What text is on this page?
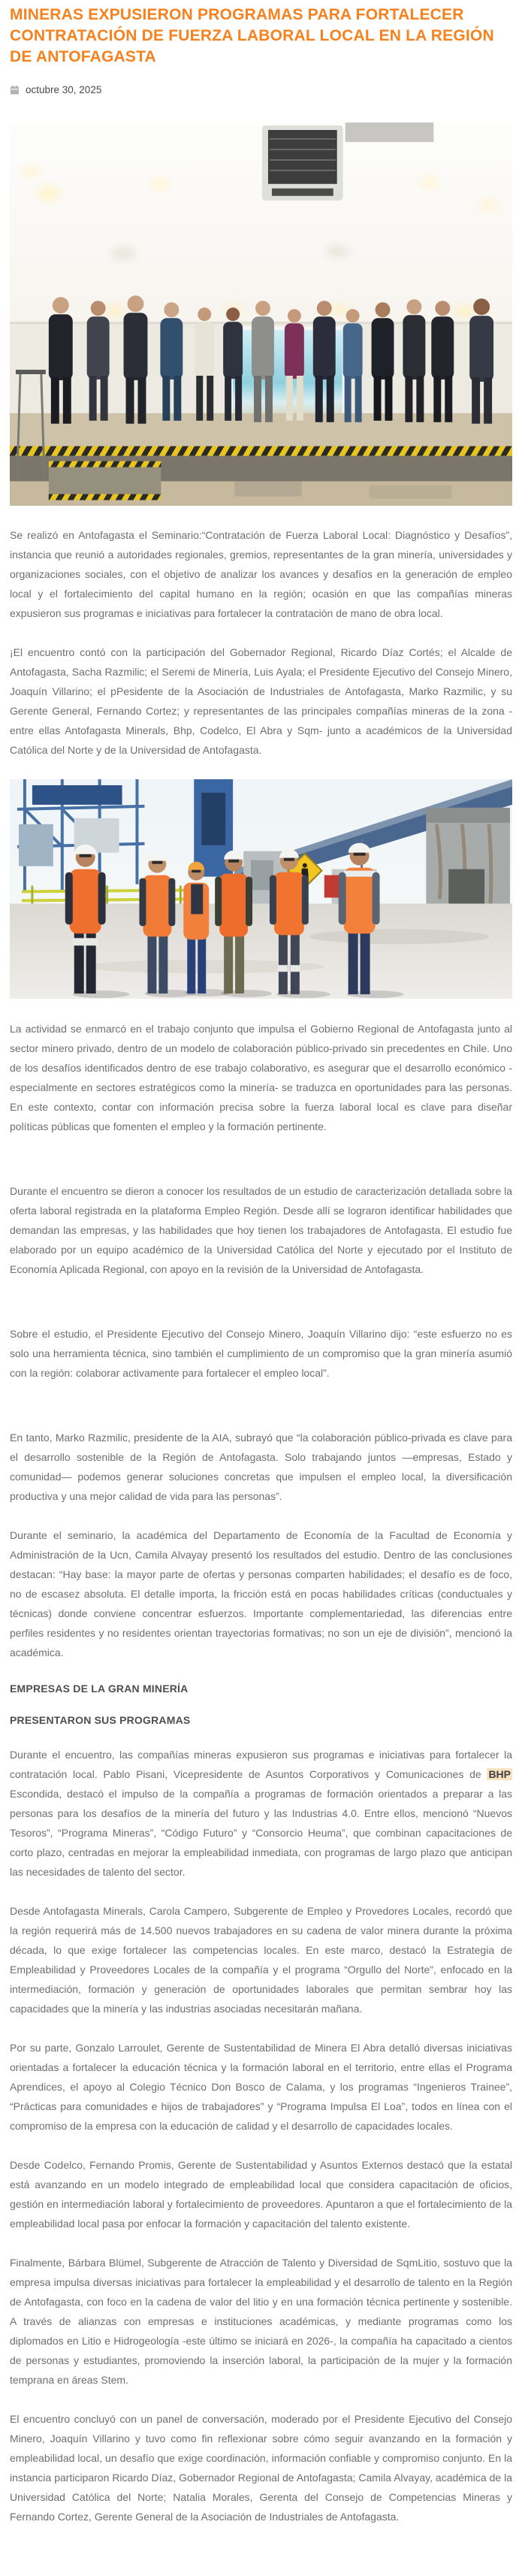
MINERAS EXPUSIERON PROGRAMAS PARA FORTALECER CONTRATACIÓN DE FUERZA LABORAL LOCAL EN LA REGIÓN DE ANTOFAGASTA
octubre 30, 2025

Se realizó en Antofagasta el Seminario:“Contratación de Fuerza Laboral Local: Diagnóstico y Desafíos”, instancia que reunió a autoridades regionales, gremios, representantes de la gran minería, universidades y organizaciones sociales, con el objetivo de analizar los avances y desafíos en la generación de empleo local y el fortalecimiento del capital humano en la región; ocasión en que las compañías mineras expusieron sus programas e iniciativas para fortalecer la contratación de mano de obra local.

¡El encuentro contó con la participación del Gobernador Regional, Ricardo Díaz Cortés; el Alcalde de Antofagasta, Sacha Razmilic; el Seremi de Minería, Luis Ayala; el Presidente Ejecutivo del Consejo Minero, Joaquín Villarino; el pPesidente de la Asociación de Industriales de Antofagasta, Marko Razmilic, y su Gerente General, Fernando Cortez; y representantes de las principales compañías mineras de la zona -entre ellas Antofagasta Minerals, Bhp, Codelco, El Abra y Sqm- junto a académicos de la Universidad Católica del Norte y de la Universidad de Antofagasta.

La actividad se enmarcó en el trabajo conjunto que impulsa el Gobierno Regional de Antofagasta junto al sector minero privado, dentro de un modelo de colaboración público-privado sin precedentes en Chile. Uno de los desafíos identificados dentro de ese trabajo colaborativo, es asegurar que el desarrollo económico -especialmente en sectores estratégicos como la minería- se traduzca en oportunidades para las personas. En este contexto, contar con información precisa sobre la fuerza laboral local es clave para diseñar políticas públicas que fomenten el empleo y la formación pertinente.

Durante el encuentro se dieron a conocer los resultados de un estudio de caracterización detallada sobre la oferta laboral registrada en la plataforma Empleo Región. Desde allí se lograron identificar habilidades que demandan las empresas, y las habilidades que hoy tienen los trabajadores de Antofagasta. El estudio fue elaborado por un equipo académico de la Universidad Católica del Norte y ejecutado por el Instituto de Economía Aplicada Regional, con apoyo en la revisión de la Universidad de Antofagasta.

Sobre el estudio, el Presidente Ejecutivo del Consejo Minero, Joaquín Villarino dijo: “este esfuerzo no es solo una herramienta técnica, sino también el cumplimiento de un compromiso que la gran minería asumió con la región: colaborar activamente para fortalecer el empleo local”.

En tanto, Marko Razmilic, presidente de la AIA, subrayó que “la colaboración público-privada es clave para el desarrollo sostenible de la Región de Antofagasta. Solo trabajando juntos —empresas, Estado y comunidad— podemos generar soluciones concretas que impulsen el empleo local, la diversificación productiva y una mejor calidad de vida para las personas”.

Durante el seminario, la académica del Departamento de Economía de la Facultad de Economía y Administración de la Ucn, Camila Alvayay presentó los resultados del estudio. Dentro de las conclusiones destacan: “Hay base: la mayor parte de ofertas y personas comparten habilidades; el desafío es de foco, no de escasez absoluta. El detalle importa, la fricción está en pocas habilidades críticas (conductuales y técnicas) donde conviene concentrar esfuerzos. Importante complementariedad, las diferencias entre perfiles residentes y no residentes orientan trayectorias formativas; no son un eje de división”, mencionó la académica.

EMPRESAS DE LA GRAN MINERÍA
PRESENTARON SUS PROGRAMAS

Durante el encuentro, las compañías mineras expusieron sus programas e iniciativas para fortalecer la contratación local. Pablo Pisani, Vicepresidente de Asuntos Corporativos y Comunicaciones de BHP Escondida, destacó el impulso de la compañía a programas de formación orientados a preparar a las personas para los desafíos de la minería del futuro y las Industrias 4.0. Entre ellos, mencionó “Nuevos Tesoros”, “Programa Mineras”, “Código Futuro” y “Consorcio Heuma”, que combinan capacitaciones de corto plazo, centradas en mejorar la empleabilidad inmediata, con programas de largo plazo que anticipan las necesidades de talento del sector.

Desde Antofagasta Minerals, Carola Campero, Subgerente de Empleo y Provedores Locales, recordó que la región requerirá más de 14.500 nuevos trabajadores en su cadena de valor minera durante la próxima década, lo que exige fortalecer las competencias locales. En este marco, destacó la Estrategia de Empleabilidad y Proveedores Locales de la compañía y el programa “Orgullo del Norte”, enfocado en la intermediación, formación y generación de oportunidades laborales que permitan sembrar hoy las capacidades que la minería y las industrias asociadas necesitarán mañana.

Por su parte, Gonzalo Larroulet, Gerente de Sustentabilidad de Minera El Abra detalló diversas iniciativas orientadas a fortalecer la educación técnica y la formación laboral en el territorio, entre ellas el Programa Aprendices, el apoyo al Colegio Técnico Don Bosco de Calama, y los programas “Ingenieros Trainee”, “Prácticas para comunidades e hijos de trabajadores” y “Programa Impulsa El Loa”, todos en línea con el compromiso de la empresa con la educación de calidad y el desarrollo de capacidades locales.

Desde Codelco, Fernando Promis, Gerente de Sustentabilidad y Asuntos Externos destacó que la estatal está avanzando en un modelo integrado de empleabilidad local que considera capacitación de oficios, gestión en intermediación laboral y fortalecimiento de proveedores. Apuntaron a que el fortalecimiento de la empleabilidad local pasa por enfocar la formación y capacitación del talento existente.

Finalmente, Bárbara Blümel, Subgerente de Atracción de Talento y Diversidad de SqmLitio, sostuvo que la empresa impulsa diversas iniciativas para fortalecer la empleabilidad y el desarrollo de talento en la Región de Antofagasta, con foco en la cadena de valor del litio y en una formación técnica pertinente y sostenible. A través de alianzas con empresas e instituciones académicas, y mediante programas como los diplomados en Litio e Hidrogeología -este último se iniciará en 2026-, la compañía ha capacitado a cientos de personas y estudiantes, promoviendo la inserción laboral, la participación de la mujer y la formación temprana en áreas Stem.

El encuentro concluyó con un panel de conversación, moderado por el Presidente Ejecutivo del Consejo Minero, Joaquín Villarino y tuvo como fin reflexionar sobre cómo seguir avanzando en la formación y empleabilidad local, un desafío que exige coordinación, información confiable y compromiso conjunto. En la instancia participaron Ricardo Díaz, Gobernador Regional de Antofagasta; Camila Alvayay, académica de la Universidad Católica del Norte; Natalia Morales, Gerenta del Consejo de Competencias Mineras y Fernando Cortez, Gerente General de la Asociación de Industriales de Antofagasta.
